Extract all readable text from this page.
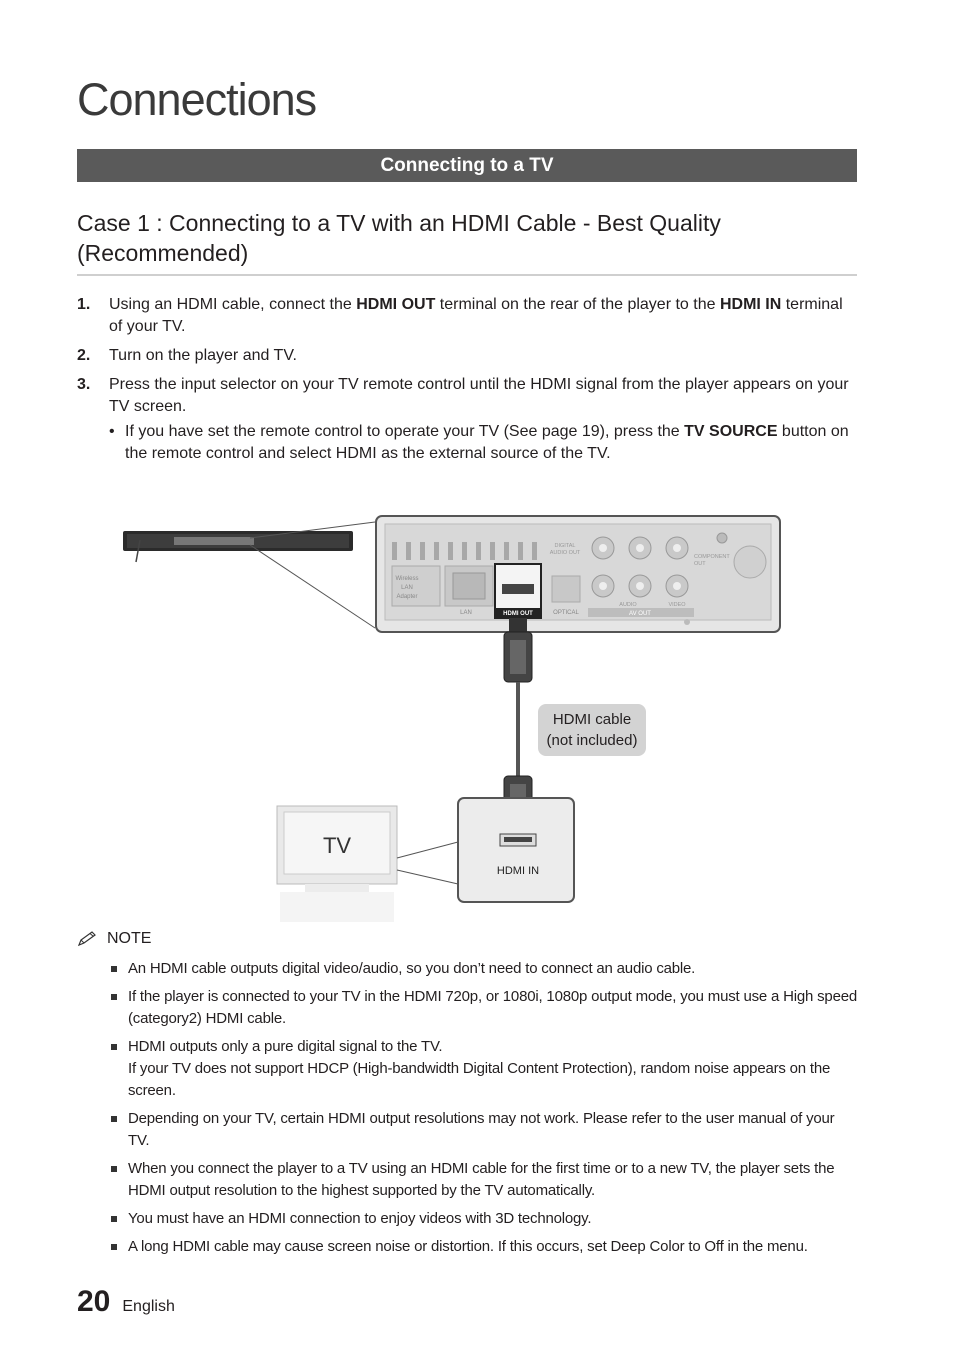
Connections
Connecting to a TV
Case 1 : Connecting to a TV with an HDMI Cable - Best Quality (Recommended)
1. Using an HDMI cable, connect the HDMI OUT terminal on the rear of the player to the HDMI IN terminal of your TV.
2. Turn on the player and TV.
3. Press the input selector on your TV remote control until the HDMI signal from the player appears on your TV screen.
• If you have set the remote control to operate your TV (See page 19), press the TV SOURCE button on the remote control and select HDMI as the external source of the TV.
Wireless LAN Adapter
LAN	HDMI OUT
DIGITAL AUDIO OUT
OPTICAL
AUDIO	VIDEO
COMPONENT OUT
AV OUT
HDMI cable (not included)
TV
HDMI IN
NOTE
An HDMI cable outputs digital video/audio, so you don’t need to connect an audio cable.
If the player is connected to your TV in the HDMI 720p, or 1080i, 1080p output mode, you must use a High speed (category2) HDMI cable.
HDMI outputs only a pure digital signal to the TV.
If your TV does not support HDCP (High-bandwidth Digital Content Protection), random noise appears on the screen.
Depending on your TV, certain HDMI output resolutions may not work. Please refer to the user manual of your TV.
When you connect the player to a TV using an HDMI cable for the first time or to a new TV, the player sets the HDMI output resolution to the highest supported by the TV automatically.
You must have an HDMI connection to enjoy videos with 3D technology.
A long HDMI cable may cause screen noise or distortion. If this occurs, set Deep Color to Off in the menu.
20 English
